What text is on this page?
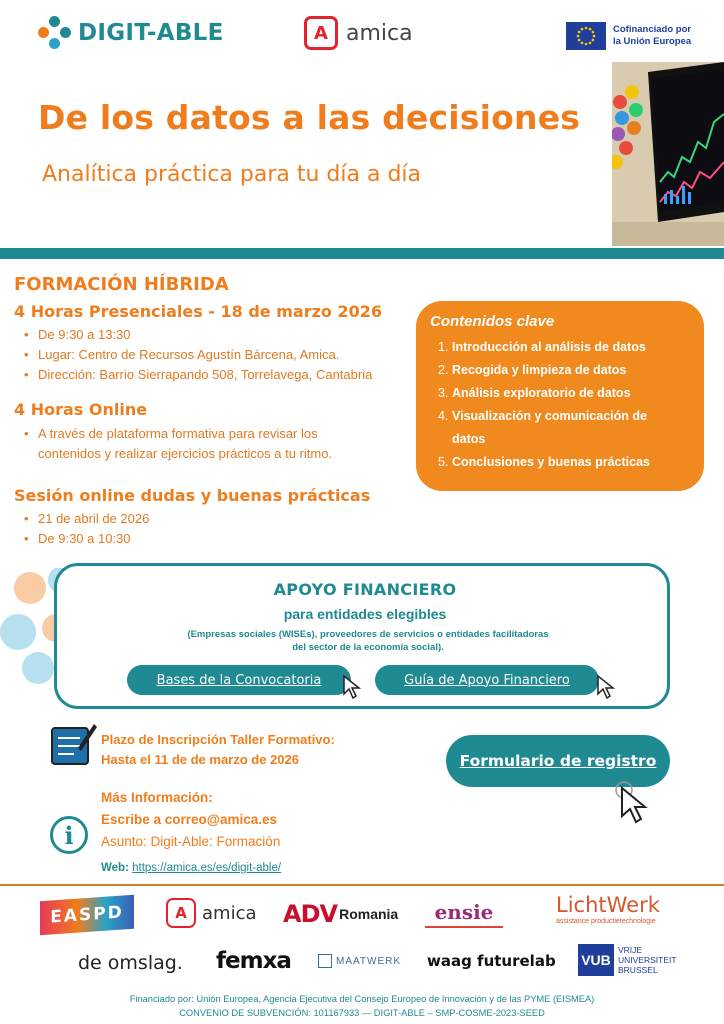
DIGIT-ABLE	A amica	Cofinanciado por
la Unión Europea
De los datos a las decisiones
Analítica práctica para tu día a día
FORMACIÓN HÍBRIDA
4 Horas Presenciales - 18 de marzo 2026
• De 9:30 a 13:30
• Lugar: Centro de Recursos Agustín Bárcena, Amica.
• Dirección: Barrio Sierrapando 508, Torrelavega, Cantabria
4 Horas Online
• A través de plataforma formativa para revisar los
contenidos y realizar ejercicios prácticos a tu ritmo.
Sesión online dudas y buenas prácticas
• 21 de abril de 2026
• De 9:30 a 10:30
Contenidos clave
1. Introducción al análisis de datos
2. Recogida y limpieza de datos
3. Análisis exploratorio de datos
4. Visualización y comunicación de
datos
5. Conclusiones y buenas prácticas
APOYO FINANCIERO
para entidades elegibles
(Empresas sociales (WISEs), proveedores de servicios o entidades facilitadoras
del sector de la economía social).
Bases de la Convocatoria	Guía de Apoyo Financiero
Plazo de Inscripción Taller Formativo:
Hasta el 11 de de marzo de 2026	Formulario de registro
Más Información:
i
Escribe a correo@amica.es
Asunto: Digit-Able: Formación
Web: https://amica.es/es/digit-able/
EASPD	A amica ADV Romania	ensie	LichtWerk
assistance productietechnologie
de omslag. femxa	MAATWERK waag futurelab VUB
VRIJE
UNIVERSITEIT
BRUSSEL
Financiado por: Unión Europea, Agencia Ejecutiva del Consejo Europeo de Innovación y de las PYME (EISMEA)
CONVENIO DE SUBVENCIÓN: 101167933 — DIGIT-ABLE – SMP-COSME-2023-SEED
